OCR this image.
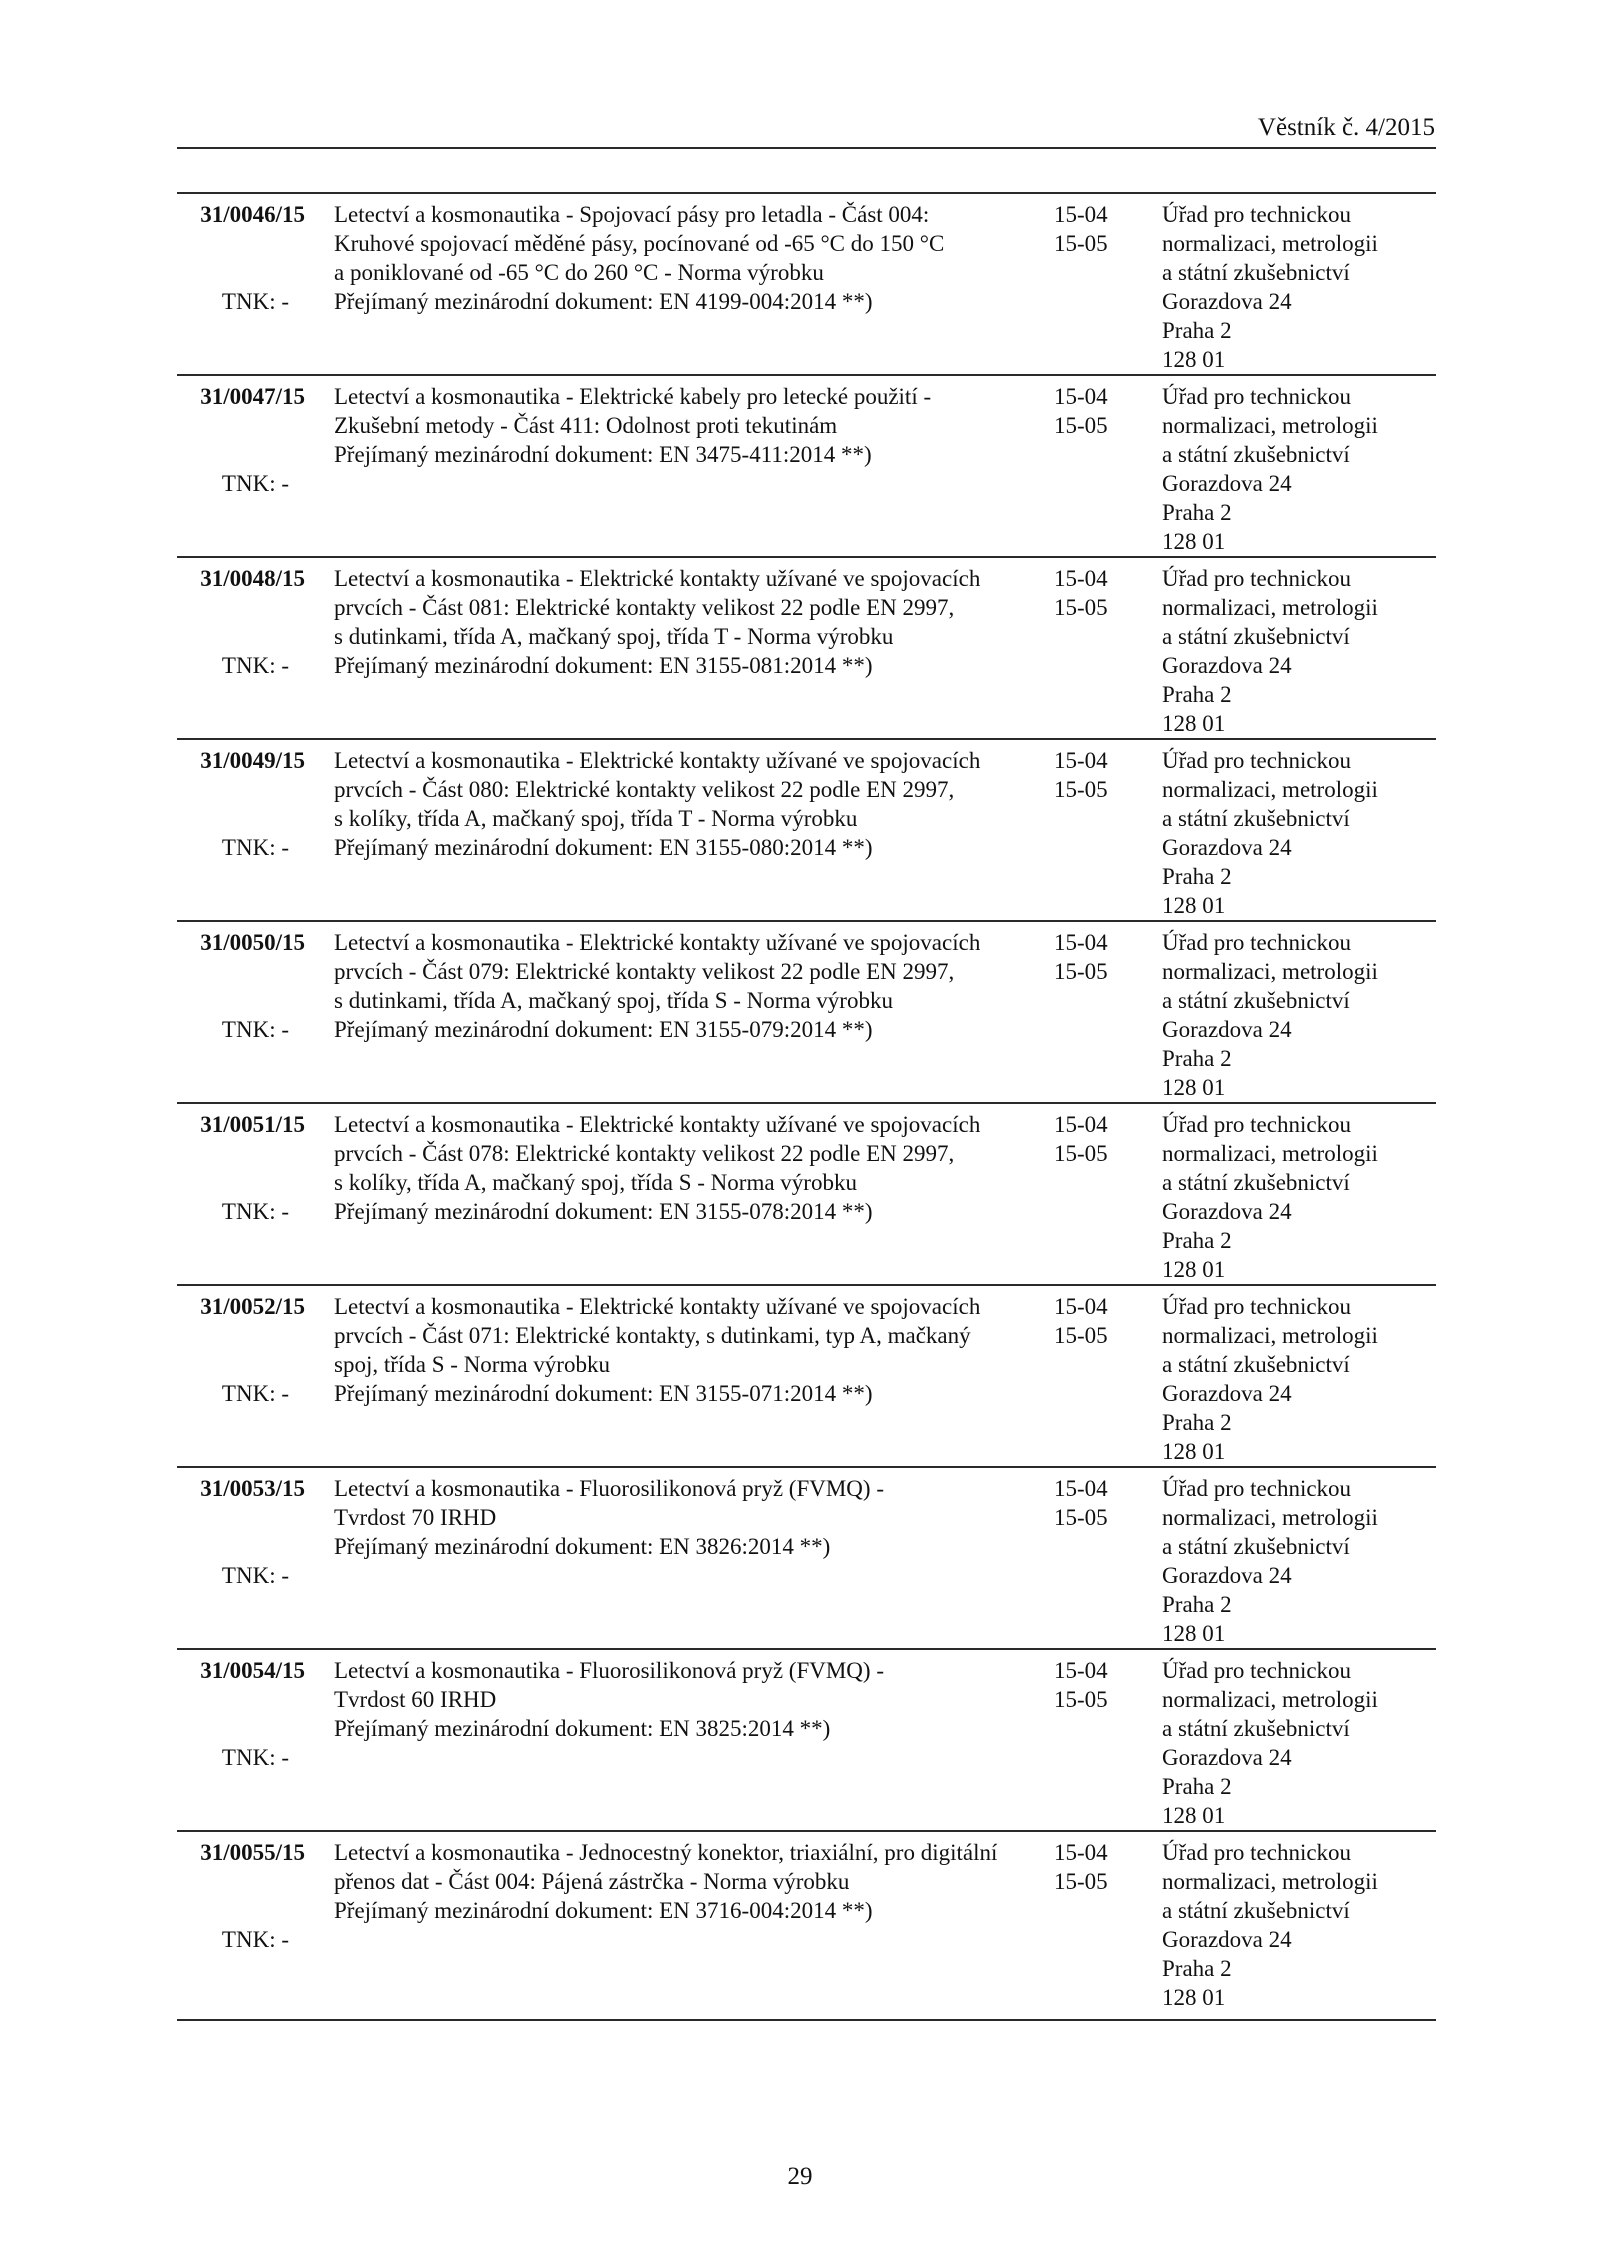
Věstník č. 4/2015
31/0046/15
TNK: -
Letectví a kosmonautika - Spojovací pásy pro letadla - Část 004:
Kruhové spojovací měděné pásy, pocínované od -65 °C do 150 °C
a poniklované od -65 °C do 260 °C - Norma výrobku
Přejímaný mezinárodní dokument: EN 4199-004:2014 **)
15-04
15-05
Úřad pro technickou
normalizaci, metrologii
a státní zkušebnictví
Gorazdova 24
Praha 2
128 01
31/0047/15
TNK: -
Letectví a kosmonautika - Elektrické kabely pro letecké použití -
Zkušební metody - Část 411: Odolnost proti tekutinám
Přejímaný mezinárodní dokument: EN 3475-411:2014 **)
15-04
15-05
Úřad pro technickou
normalizaci, metrologii
a státní zkušebnictví
Gorazdova 24
Praha 2
128 01
31/0048/15
TNK: -
Letectví a kosmonautika - Elektrické kontakty užívané ve spojovacích
prvcích - Část 081: Elektrické kontakty velikost 22 podle EN 2997,
s dutinkami, třída A, mačkaný spoj, třída T - Norma výrobku
Přejímaný mezinárodní dokument: EN 3155-081:2014 **)
15-04
15-05
Úřad pro technickou
normalizaci, metrologii
a státní zkušebnictví
Gorazdova 24
Praha 2
128 01
31/0049/15
TNK: -
Letectví a kosmonautika - Elektrické kontakty užívané ve spojovacích
prvcích - Část 080: Elektrické kontakty velikost 22 podle EN 2997,
s kolíky, třída A, mačkaný spoj, třída T - Norma výrobku
Přejímaný mezinárodní dokument: EN 3155-080:2014 **)
15-04
15-05
Úřad pro technickou
normalizaci, metrologii
a státní zkušebnictví
Gorazdova 24
Praha 2
128 01
31/0050/15
TNK: -
Letectví a kosmonautika - Elektrické kontakty užívané ve spojovacích
prvcích - Část 079: Elektrické kontakty velikost 22 podle EN 2997,
s dutinkami, třída A, mačkaný spoj, třída S - Norma výrobku
Přejímaný mezinárodní dokument: EN 3155-079:2014 **)
15-04
15-05
Úřad pro technickou
normalizaci, metrologii
a státní zkušebnictví
Gorazdova 24
Praha 2
128 01
31/0051/15
TNK: -
Letectví a kosmonautika - Elektrické kontakty užívané ve spojovacích
prvcích - Část 078: Elektrické kontakty velikost 22 podle EN 2997,
s kolíky, třída A, mačkaný spoj, třída S - Norma výrobku
Přejímaný mezinárodní dokument: EN 3155-078:2014 **)
15-04
15-05
Úřad pro technickou
normalizaci, metrologii
a státní zkušebnictví
Gorazdova 24
Praha 2
128 01
31/0052/15
TNK: -
Letectví a kosmonautika - Elektrické kontakty užívané ve spojovacích
prvcích - Část 071: Elektrické kontakty, s dutinkami, typ A, mačkaný
spoj, třída S - Norma výrobku
Přejímaný mezinárodní dokument: EN 3155-071:2014 **)
15-04
15-05
Úřad pro technickou
normalizaci, metrologii
a státní zkušebnictví
Gorazdova 24
Praha 2
128 01
31/0053/15
TNK: -
Letectví a kosmonautika - Fluorosilikonová pryž (FVMQ) -
Tvrdost 70 IRHD
Přejímaný mezinárodní dokument: EN 3826:2014 **)
15-04
15-05
Úřad pro technickou
normalizaci, metrologii
a státní zkušebnictví
Gorazdova 24
Praha 2
128 01
31/0054/15
TNK: -
Letectví a kosmonautika - Fluorosilikonová pryž (FVMQ) -
Tvrdost 60 IRHD
Přejímaný mezinárodní dokument: EN 3825:2014 **)
15-04
15-05
Úřad pro technickou
normalizaci, metrologii
a státní zkušebnictví
Gorazdova 24
Praha 2
128 01
31/0055/15
TNK: -
Letectví a kosmonautika - Jednocestný konektor, triaxiální, pro digitální
přenos dat - Část 004: Pájená zástrčka - Norma výrobku
Přejímaný mezinárodní dokument: EN 3716-004:2014 **)
15-04
15-05
Úřad pro technickou
normalizaci, metrologii
a státní zkušebnictví
Gorazdova 24
Praha 2
128 01
29
